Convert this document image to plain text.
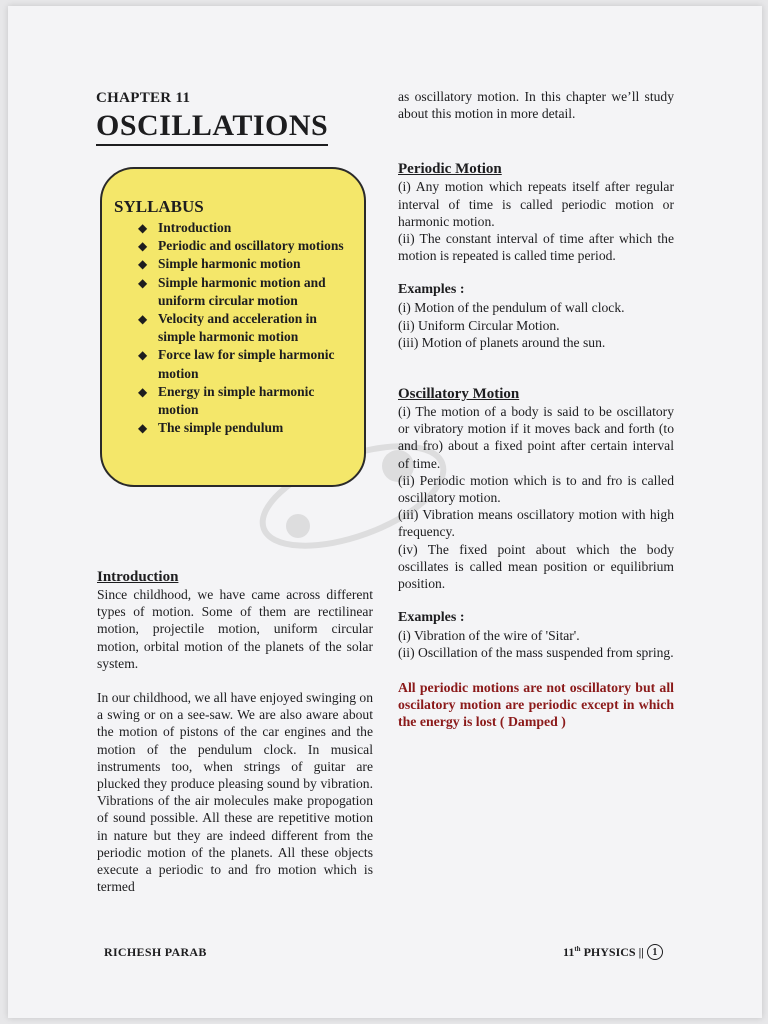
CHAPTER 11

OSCILLATIONS
SYLLABUS
◆ Introduction
◆ Periodic and oscillatory motions
◆ Simple harmonic motion
◆ Simple harmonic motion and uniform circular motion
◆ Velocity and acceleration in simple harmonic motion
◆ Force law for simple harmonic motion
◆ Energy in simple harmonic motion
◆ The simple pendulum

Introduction

Since childhood, we have came across different types of motion. Some of them are rectilinear motion, projectile motion, uniform circular motion, orbital motion of the planets of the solar system.

In our childhood, we all have enjoyed swinging on a swing or on a see-saw. We are also aware about the motion of pistons of the car engines and the motion of the pendulum clock. In musical instruments too, when strings of guitar are plucked they produce pleasing sound by vibration. Vibrations of the air molecules make propogation of sound possible. All these are repetitive motion in nature but they are indeed different from the periodic motion of the planets. All these objects execute a periodic to and fro motion which is termed

as oscillatory motion. In this chapter we’ll study about this motion in more detail.

Periodic Motion

(i) Any motion which repeats itself after regular interval of time is called periodic motion or harmonic motion.

(ii) The constant interval of time after which the motion is repeated is called time period.

Examples :

(i) Motion of the pendulum of wall clock.

(ii) Uniform Circular Motion.

(iii) Motion of planets around the sun.

Oscillatory Motion

(i) The motion of a body is said to be oscillatory or vibratory motion if it moves back and forth (to and fro) about a fixed point after certain interval of time.

(ii) Periodic motion which is to and fro is called oscillatory motion.

(iii) Vibration means oscillatory motion with high frequency.

(iv) The fixed point about which the body oscillates is called mean position or equilibrium position.

Examples :

(i) Vibration of the wire of 'Sitar'.

(ii) Oscillation of the mass suspended from spring.

All periodic motions are not oscillatory but all oscilatory motion are periodic except in which the energy is lost ( Damped )

RICHESH PARAB	11th PHYSICS || 1
